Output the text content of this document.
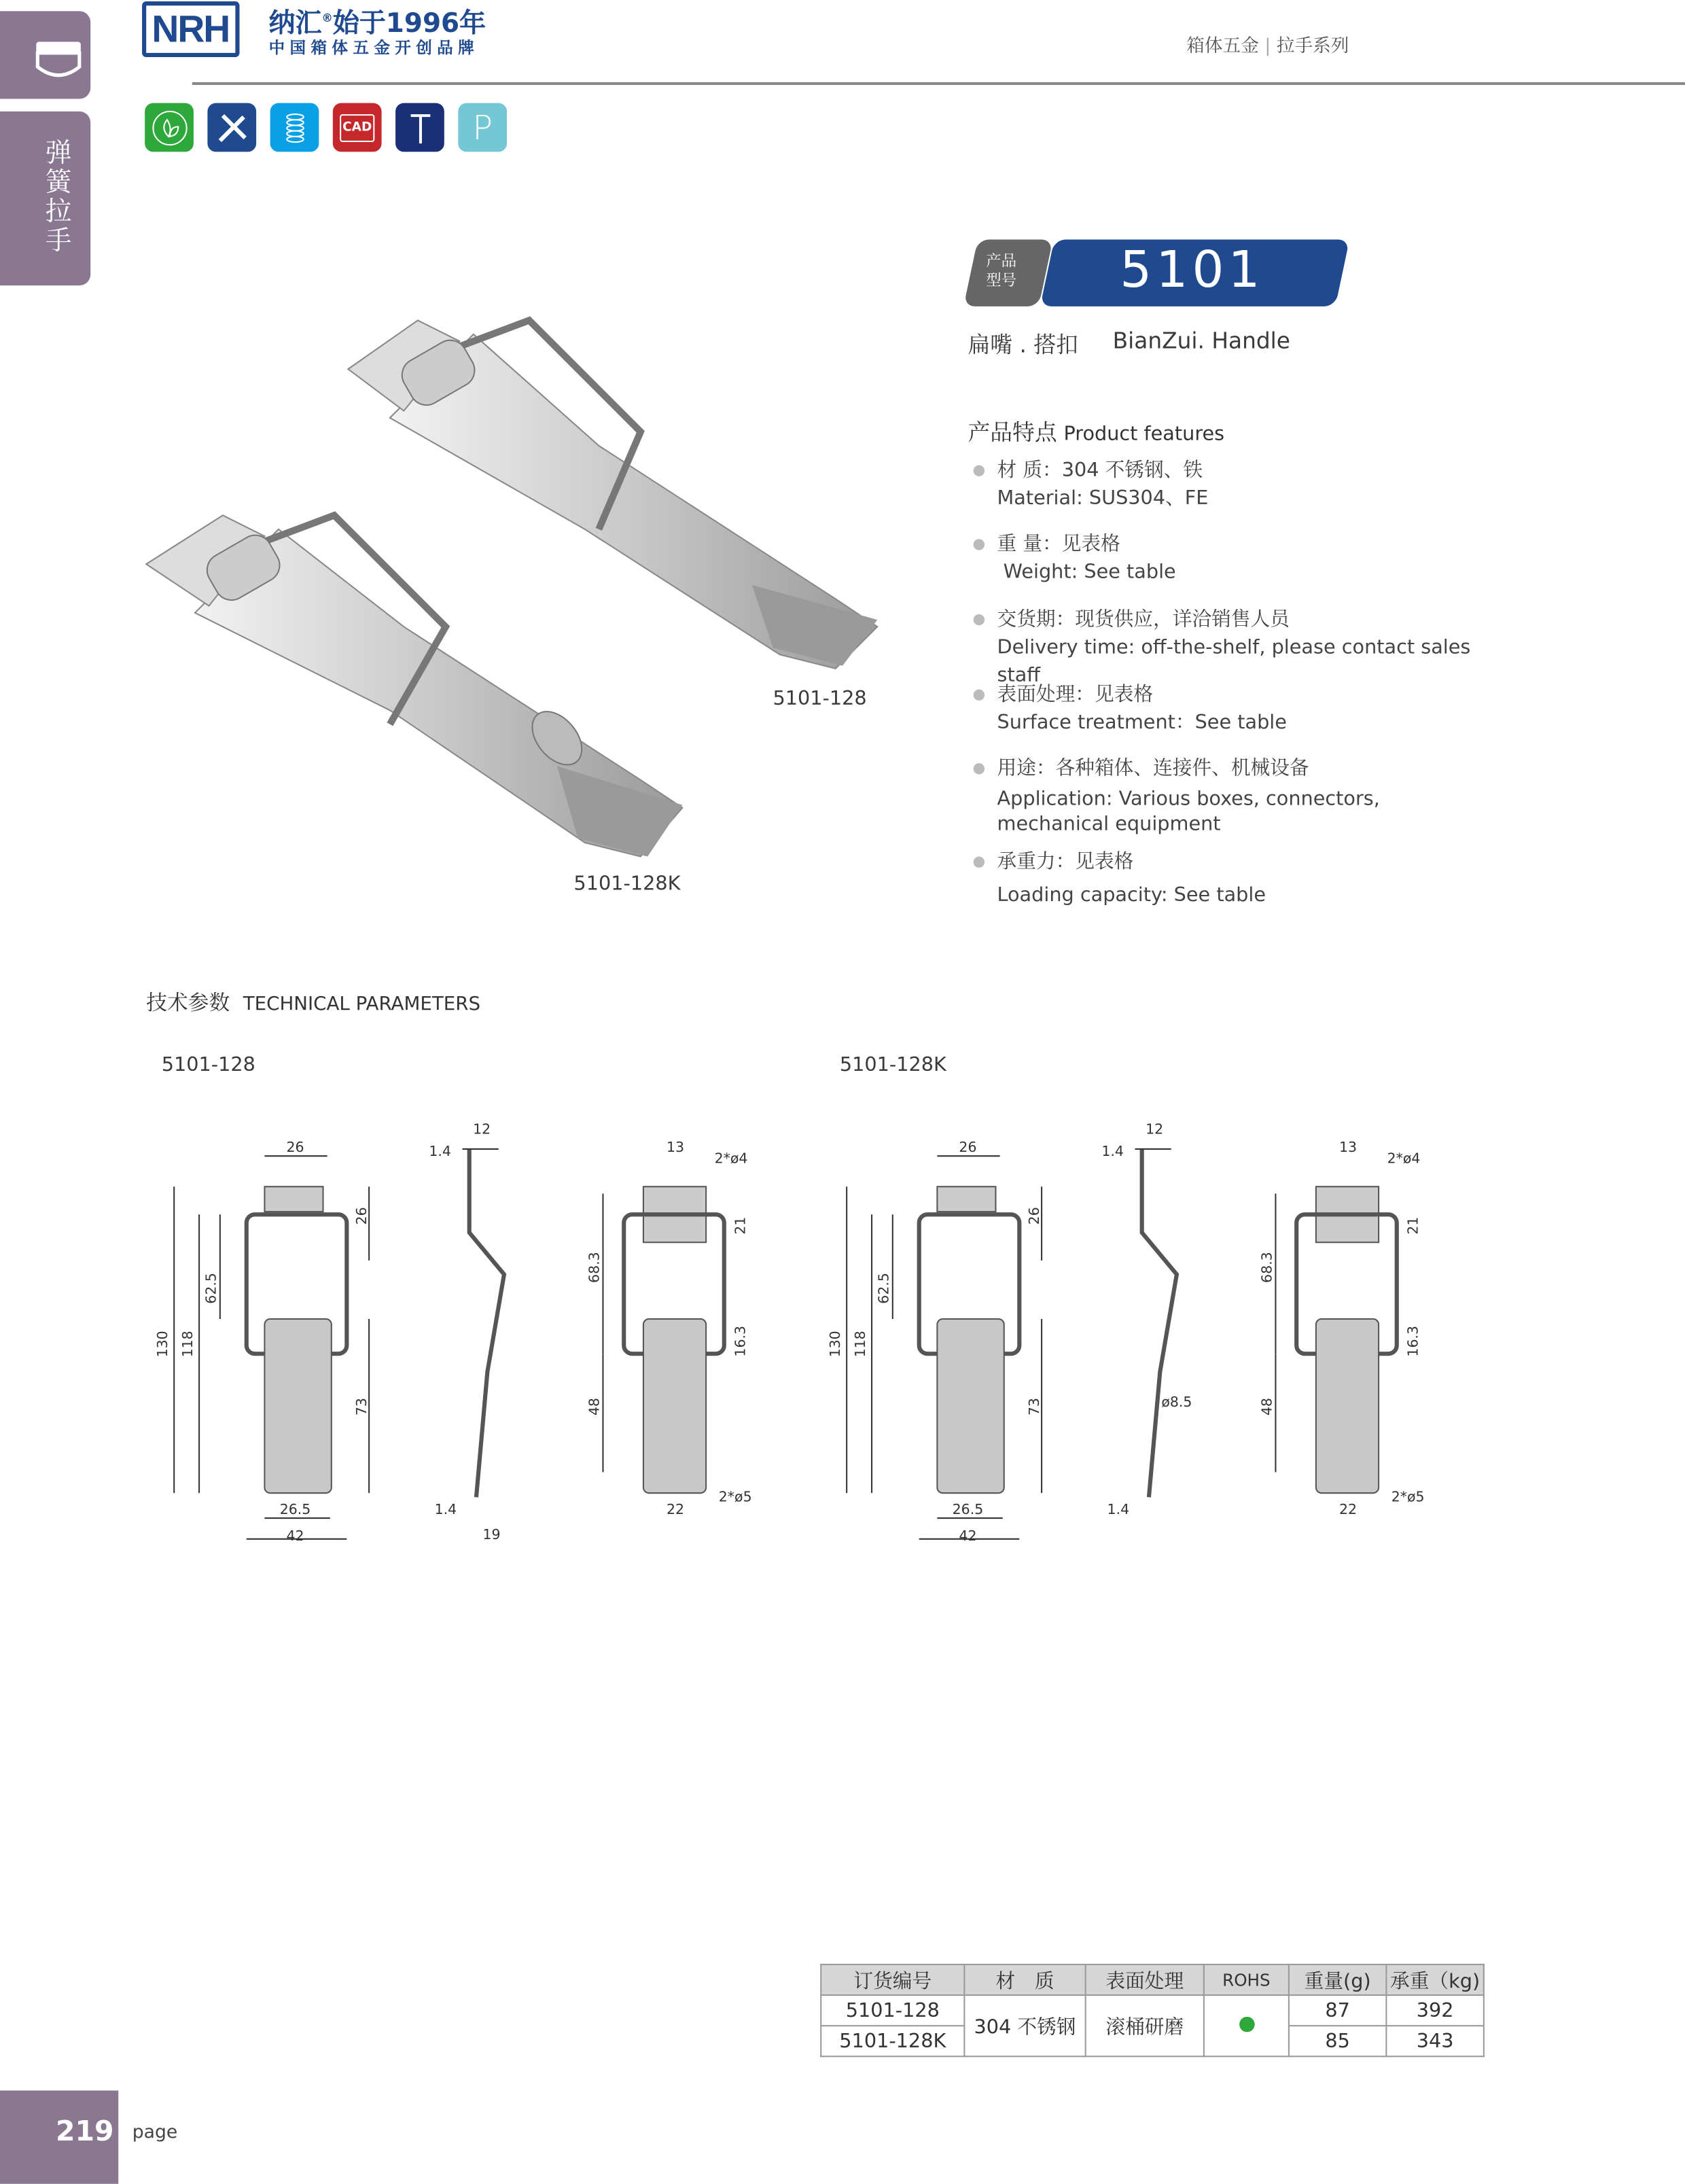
弹簧拉手
NRH	纳汇®始于1996年
中国箱体五金开创品牌	箱体五金 | 拉手系列
CAD	P
产品
型号	5101
扁嘴 . 搭扣	BianZui. Handle
5101-128
5101-128K
产品特点 Product features
材 质：304 不锈钢、铁
Material: SUS304、FE
重 量：见表格
Weight: See table
交货期：现货供应，详洽销售人员
Delivery time: off-the-shelf, please contact sales staff
表面处理：见表格
Surface treatment：See table
用途：各种箱体、连接件、机械设备
Application: Various boxes, connectors, mechanical equipment
承重力：见表格
Loading capacity: See table
技术参数 TECHNICAL PARAMETERS
5101-128	5101-128K
130 118
62.5
73
26
26
26.5
42
12
1.4
1.4
19
13
2*ø4
68.3
48
21
16.3
22
2*ø5
130 118
62.5
73
26
26
26.5
42
12
1.4
1.4
ø8.5
13
2*ø4
68.3
48
21
16.3
22
2*ø5
订货编号	材　质	表面处理	ROHS	重量(g)	承重（kg)
5101-128	304 不锈钢	滚桶研磨		87	392
5101-128K				85	343
219 page
